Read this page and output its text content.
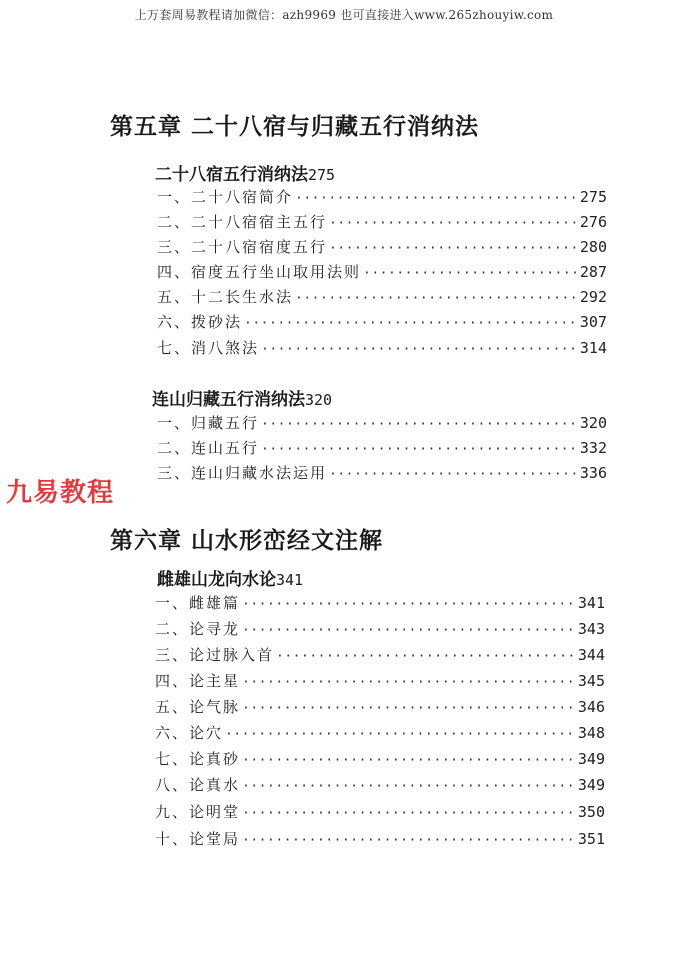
上万套周易教程请加微信：azh9969 也可直接进入www.265zhouyiw.com
九易教程
第五章 二十八宿与归藏五行消纳法
二十八宿五行消纳法275
一、二十八宿简介 ·····	275
二、二十八宿宿主五行 ·····	276
三、二十八宿宿度五行 ·····	280
四、宿度五行坐山取用法则 ·····	287
五、十二长生水法 ·····	292
六、拨砂法 ·····	307
七、消八煞法 ·····	314
连山归藏五行消纳法320
一、归藏五行 ·····	320
二、连山五行 ·····	332
三、连山归藏水法运用 ·····	336
第六章 山水形峦经文注解
雌雄山龙向水论341
一、雌雄篇 ·····	341
二、论寻龙 ·····	343
三、论过脉入首 ·····	344
四、论主星 ·····	345
五、论气脉 ·····	346
六、论穴 ·····	348
七、论真砂 ·····	349
八、论真水 ·····	349
九、论明堂 ·····	350
十、论堂局 ·····	351
